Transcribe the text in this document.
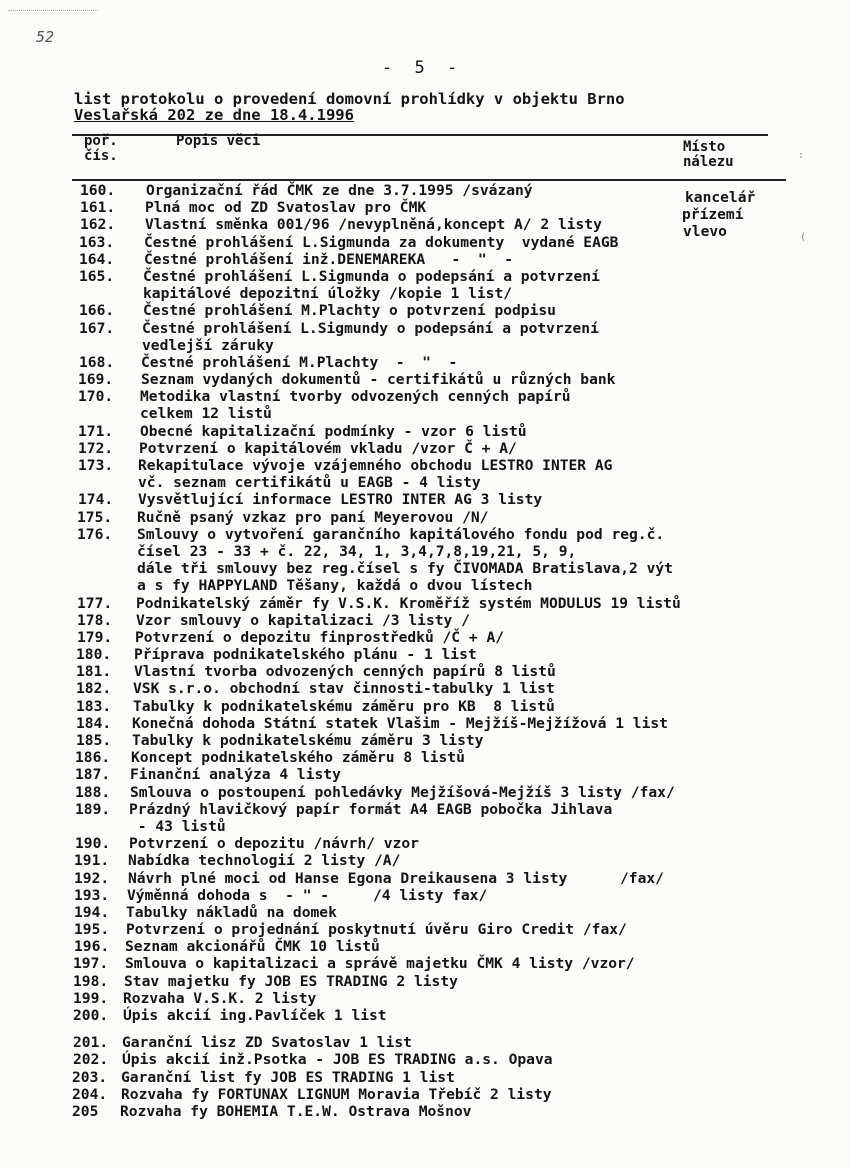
52
- 5 -
list protokolu o provedení domovní prohlídky v objektu Brno
Veslařská 202 ze dne 18.4.1996
poř.
čís.
Popis věci	Místo
nálezu
kancelář
přízemí
vlevo
:
(
160. Organizační řád ČMK ze dne 3.7.1995 /svázaný
161. Plná moc od ZD Svatoslav pro ČMK
162. Vlastní směnka 001/96 /nevyplněná,koncept A/ 2 listy
163. Čestné prohlášení L.Sigmunda za dokumenty  vydané EAGB
164. Čestné prohlášení inž.DENEMAREKA   -  "  -
165. Čestné prohlášení L.Sigmunda o podepsání a potvrzení
kapitálové depozitní úložky /kopie 1 list/
166. Čestné prohlášení M.Plachty o potvrzení podpisu
167. Čestné prohlášení L.Sigmundy o podepsání a potvrzení
vedlejší záruky
168. Čestné prohlášení M.Plachty  -  "  -
169. Seznam vydaných dokumentů - certifikátů u různých bank
170. Metodika vlastní tvorby odvozených cenných papírů
celkem 12 listů
171. Obecné kapitalizační podmínky - vzor 6 listů
172. Potvrzení o kapitálovém vkladu /vzor Č + A/
173. Rekapitulace vývoje vzájemného obchodu LESTRO INTER AG
vč. seznam certifikátů u EAGB - 4 listy
174. Vysvětlující informace LESTRO INTER AG 3 listy
175. Ručně psaný vzkaz pro paní Meyerovou /N/
176. Smlouvy o vytvoření garančního kapitálového fondu pod reg.č.
čísel 23 - 33 + č. 22, 34, 1, 3,4,7,8,19,21, 5, 9,
dále tři smlouvy bez reg.čísel s fy ČIVOMADA Bratislava,2 výt
a s fy HAPPYLAND Těšany, každá o dvou lístech
177. Podnikatelský záměr fy V.S.K. Kroměříž systém MODULUS 19 listů
178. Vzor smlouvy o kapitalizaci /3 listy /
179. Potvrzení o depozitu finprostředků /Č + A/
180. Příprava podnikatelského plánu - 1 list
181. Vlastní tvorba odvozených cenných papírů 8 listů
182. VSK s.r.o. obchodní stav činnosti-tabulky 1 list
183. Tabulky k podnikatelskému záměru pro KB  8 listů
184. Konečná dohoda Státní statek Vlašim - Mejžíš-Mejžížová 1 list
185. Tabulky k podnikatelskému záměru 3 listy
186. Koncept podnikatelského záměru 8 listů
187. Finanční analýza 4 listy
188. Smlouva o postoupení pohledávky Mejžíšová-Mejžíš 3 listy /fax/
189. Prázdný hlavičkový papír formát A4 EAGB pobočka Jihlava
- 43 listů
190. Potvrzení o depozitu /návrh/ vzor
191. Nabídka technologií 2 listy /A/
192. Návrh plné moci od Hanse Egona Dreikausena 3 listy      /fax/
193. Výměnná dohoda s  - " -     /4 listy fax/
194. Tabulky nákladů na domek
195. Potvrzení o projednání poskytnutí úvěru Giro Credit /fax/
196. Seznam akcionářů ČMK 10 listů
197. Smlouva o kapitalizaci a správě majetku ČMK 4 listy /vzor/
198. Stav majetku fy JOB ES TRADING 2 listy
199. Rozvaha V.S.K. 2 listy
200. Úpis akcií ing.Pavlíček 1 list
201. Garanční lisz ZD Svatoslav 1 list
202. Úpis akcií inž.Psotka - JOB ES TRADING a.s. Opava
203. Garanční list fy JOB ES TRADING 1 list
204. Rozvaha fy FORTUNAX LIGNUM Moravia Třebíč 2 listy
205 Rozvaha fy BOHEMIA T.E.W. Ostrava Mošnov
